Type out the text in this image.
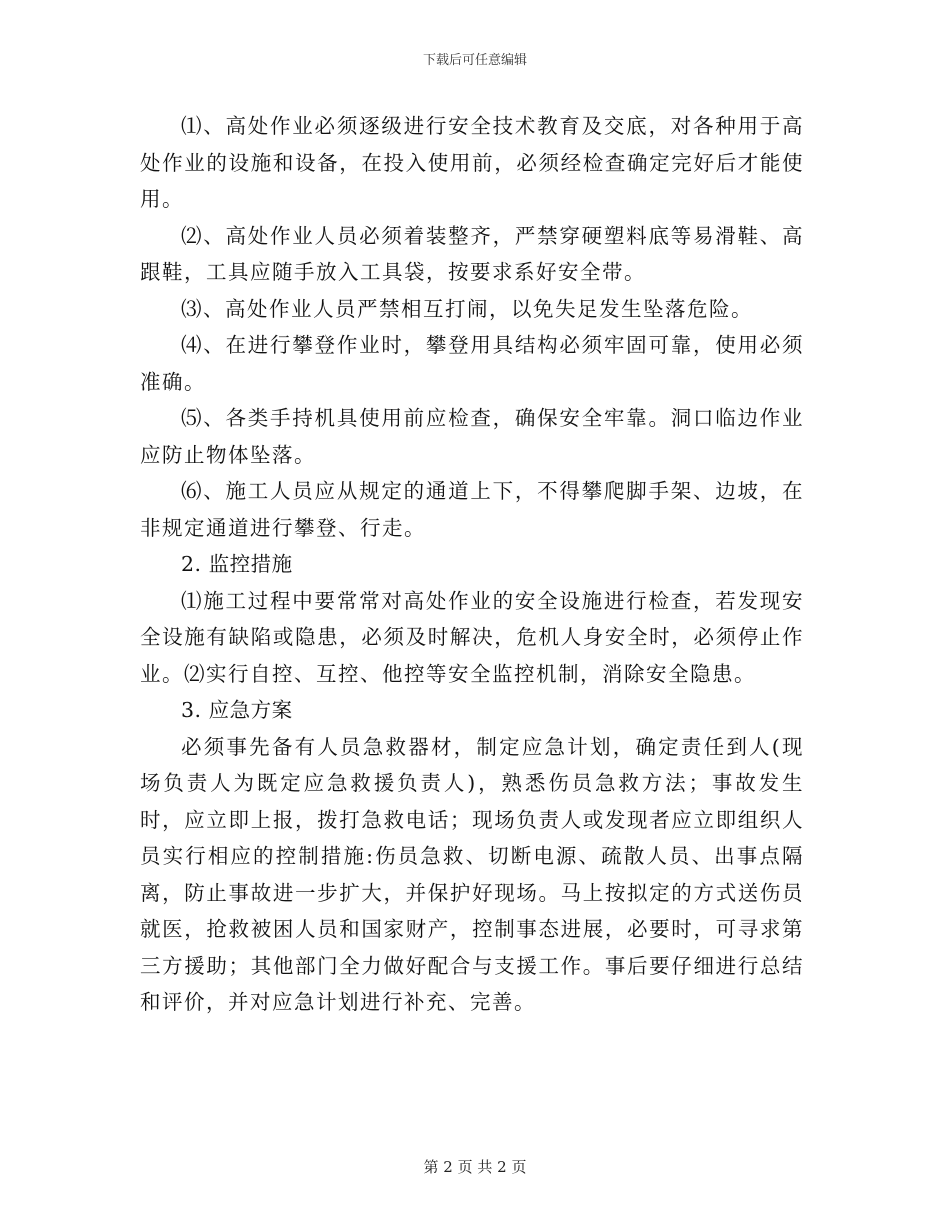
下载后可任意编辑

⑴、高处作业必须逐级进行安全技术教育及交底，对各种用于高处作业的设施和设备，在投入使用前，必须经检查确定完好后才能使用。

⑵、高处作业人员必须着装整齐，严禁穿硬塑料底等易滑鞋、高跟鞋，工具应随手放入工具袋，按要求系好安全带。

⑶、高处作业人员严禁相互打闹，以免失足发生坠落危险。

⑷、在进行攀登作业时，攀登用具结构必须牢固可靠，使用必须准确。

⑸、各类手持机具使用前应检查，确保安全牢靠。洞口临边作业应防止物体坠落。

⑹、施工人员应从规定的通道上下，不得攀爬脚手架、边坡，在非规定通道进行攀登、行走。

2. 监控措施

⑴施工过程中要常常对高处作业的安全设施进行检查，若发现安全设施有缺陷或隐患，必须及时解决，危机人身安全时，必须停止作业。⑵实行自控、互控、他控等安全监控机制，消除安全隐患。

3. 应急方案

必须事先备有人员急救器材，制定应急计划，确定责任到人(现场负责人为既定应急救援负责人)，熟悉伤员急救方法；事故发生时，应立即上报，拨打急救电话；现场负责人或发现者应立即组织人员实行相应的控制措施:伤员急救、切断电源、疏散人员、出事点隔离，防止事故进一步扩大，并保护好现场。马上按拟定的方式送伤员就医，抢救被困人员和国家财产，控制事态进展，必要时，可寻求第三方援助；其他部门全力做好配合与支援工作。事后要仔细进行总结和评价，并对应急计划进行补充、完善。

第 2 页 共 2 页
